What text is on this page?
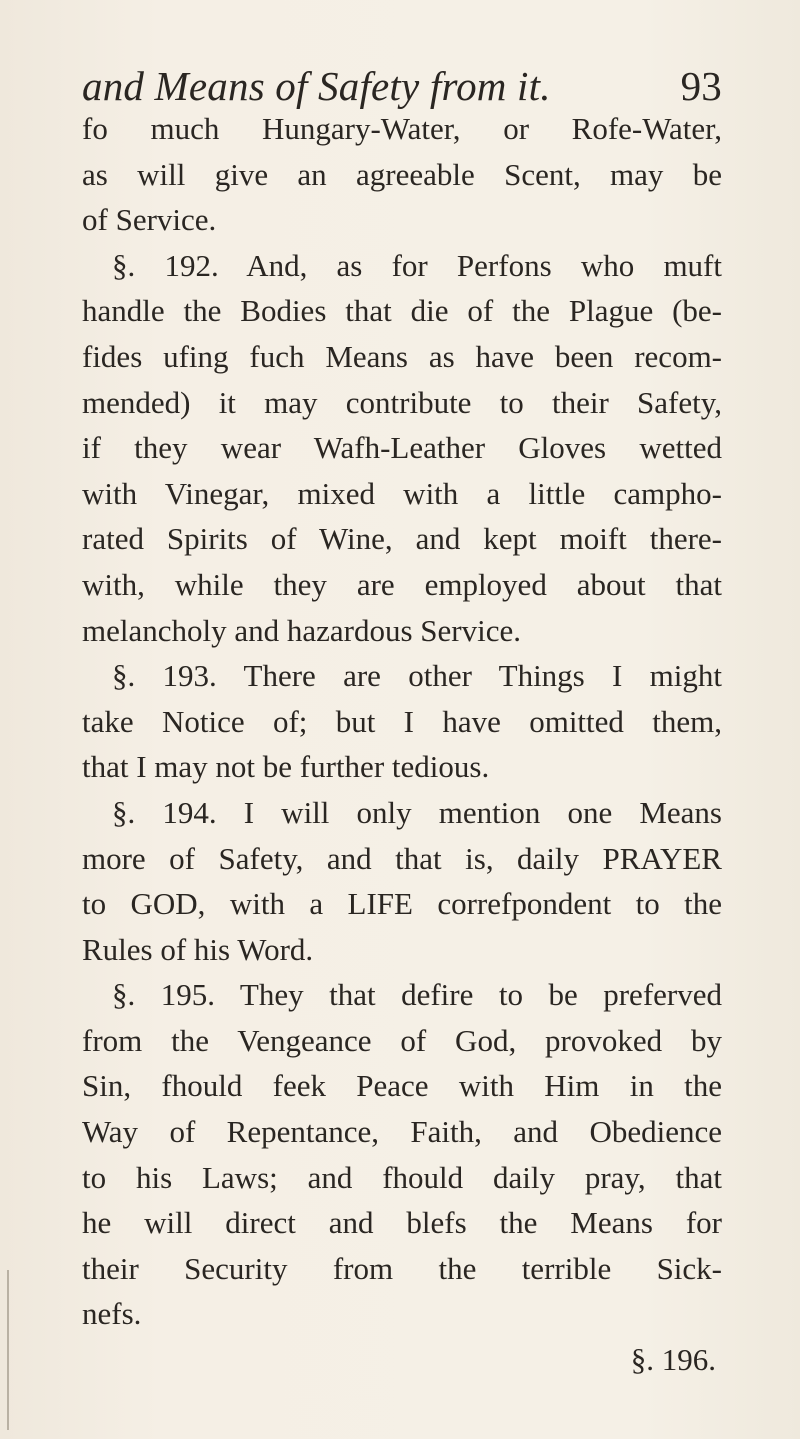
and Means of Safety from it.	93
fo much Hungary-Water, or Rofe-Water,
as will give an agreeable Scent, may be
of Service.
§. 192. And, as for Perfons who muft
handle the Bodies that die of the Plague (be-
fides ufing fuch Means as have been recom-
mended) it may contribute to their Safety,
if they wear Wafh-Leather Gloves wetted
with Vinegar, mixed with a little campho-
rated Spirits of Wine, and kept moift there-
with, while they are employed about that
melancholy and hazardous Service.
§. 193. There are other Things I might
take Notice of; but I have omitted them,
that I may not be further tedious.
§. 194. I will only mention one Means
more of Safety, and that is, daily PRAYER
to GOD, with a LIFE correfpondent to the
Rules of his Word.
§. 195. They that defire to be preferved
from the Vengeance of God, provoked by
Sin, fhould feek Peace with Him in the
Way of Repentance, Faith, and Obedience
to his Laws; and fhould daily pray, that
he will direct and blefs the Means for
their Security from the terrible Sick-
nefs.
§. 196.
